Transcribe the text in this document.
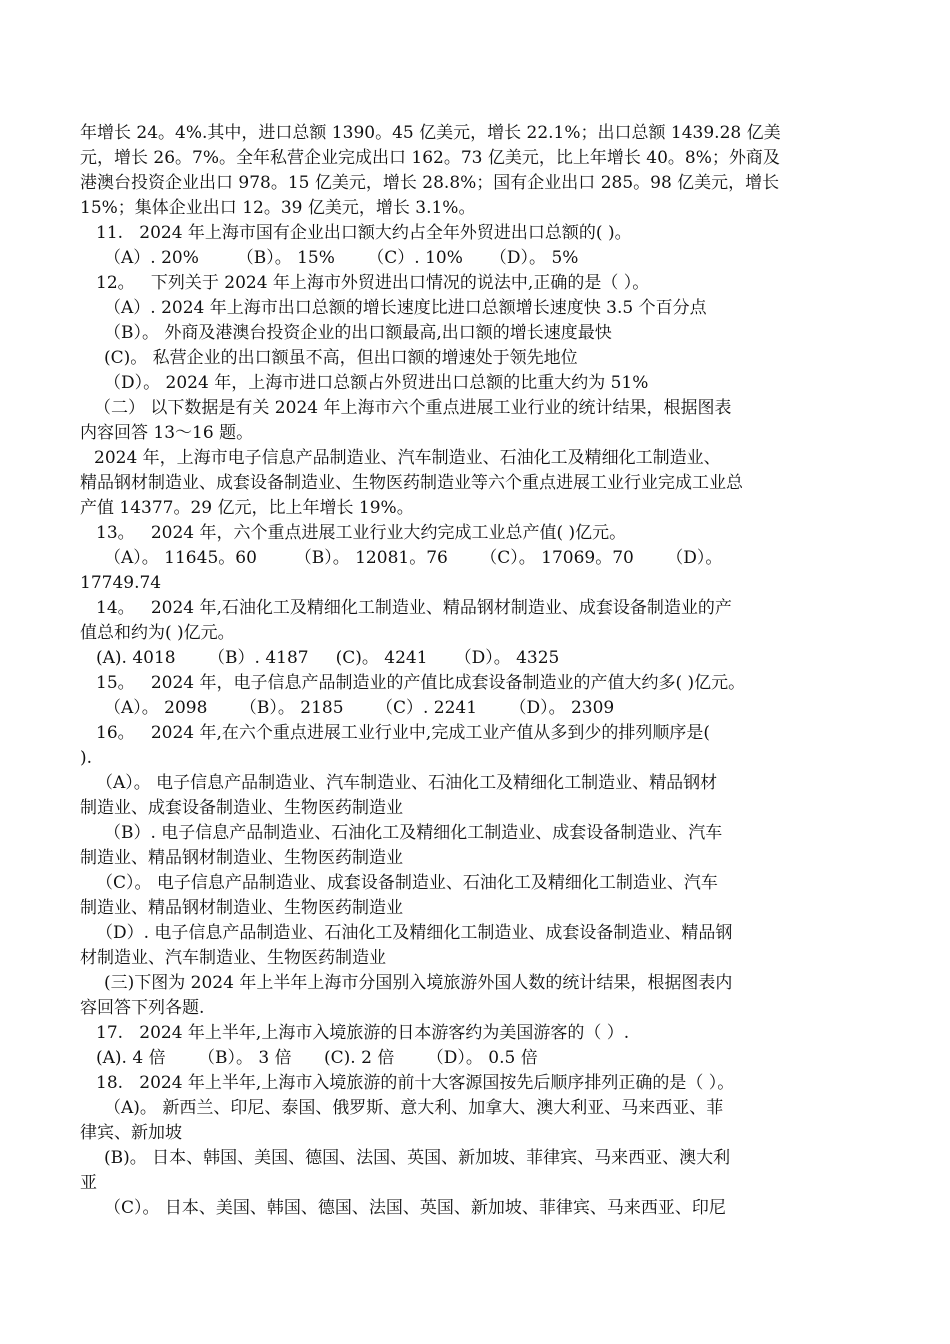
年增长 24。4%.其中，进口总额 1390。45 亿美元，增长 22.1%；出口总额 1439.28 亿美
元，增长 26。7%。全年私营企业完成出口 162。73 亿美元，比上年增长 40。8%；外商及
港澳台投资企业出口 978。15 亿美元，增长 28.8%；国有企业出口 285。98 亿美元，增长
15%；集体企业出口 12。39 亿美元，增长 3.1%。
11.   2024 年上海市国有企业出口额大约占全年外贸进出口总额的( )。
（A）. 20%       （B）。 15%      （C）. 10%     （D）。 5%
12。   下列关于 2024 年上海市外贸进出口情况的说法中,正确的是（ ）。
（A）. 2024 年上海市出口总额的增长速度比进口总额增长速度快 3.5 个百分点
（B）。 外商及港澳台投资企业的出口额最高,出口额的增长速度最快
(C)。 私营企业的出口额虽不高，但出口额的增速处于领先地位
（D）。 2024 年，上海市进口总额占外贸进出口总额的比重大约为 51%
（二） 以下数据是有关 2024 年上海市六个重点进展工业行业的统计结果，根据图表
内容回答 13～16 题。
2024 年，上海市电子信息产品制造业、汽车制造业、石油化工及精细化工制造业、
精品钢材制造业、成套设备制造业、生物医药制造业等六个重点进展工业行业完成工业总
产值 14377。29 亿元，比上年增长 19%。
13。   2024 年，六个重点进展工业行业大约完成工业总产值( )亿元。
（A）。 11645。60       （B）。 12081。76      （C）。 17069。70      （D）。
17749.74
14。   2024 年,石油化工及精细化工制造业、精品钢材制造业、成套设备制造业的产
值总和约为( )亿元。
(A). 4018      （B）. 4187     (C)。 4241     （D）。 4325
15。   2024 年，电子信息产品制造业的产值比成套设备制造业的产值大约多( )亿元。
（A）。 2098      （B）。 2185      （C）. 2241      （D）。 2309
16。   2024 年,在六个重点进展工业行业中,完成工业产值从多到少的排列顺序是(
).
（A）。 电子信息产品制造业、汽车制造业、石油化工及精细化工制造业、精品钢材
制造业、成套设备制造业、生物医药制造业
（B）. 电子信息产品制造业、石油化工及精细化工制造业、成套设备制造业、汽车
制造业、精品钢材制造业、生物医药制造业
（C）。 电子信息产品制造业、成套设备制造业、石油化工及精细化工制造业、汽车
制造业、精品钢材制造业、生物医药制造业
（D）. 电子信息产品制造业、石油化工及精细化工制造业、成套设备制造业、精品钢
材制造业、汽车制造业、生物医药制造业
(三)下图为 2024 年上半年上海市分国别入境旅游外国人数的统计结果，根据图表内
容回答下列各题.
17.   2024 年上半年,上海市入境旅游的日本游客约为美国游客的（ ）.
(A). 4 倍      （B）。 3 倍      (C). 2 倍      （D）。 0.5 倍
18.   2024 年上半年,上海市入境旅游的前十大客源国按先后顺序排列正确的是（ ）。
（A)。 新西兰、印尼、泰国、俄罗斯、意大利、加拿大、澳大利亚、马来西亚、菲
律宾、新加坡
(B)。 日本、韩国、美国、德国、法国、英国、新加坡、菲律宾、马来西亚、澳大利
亚
（C）。 日本、美国、韩国、德国、法国、英国、新加坡、菲律宾、马来西亚、印尼
